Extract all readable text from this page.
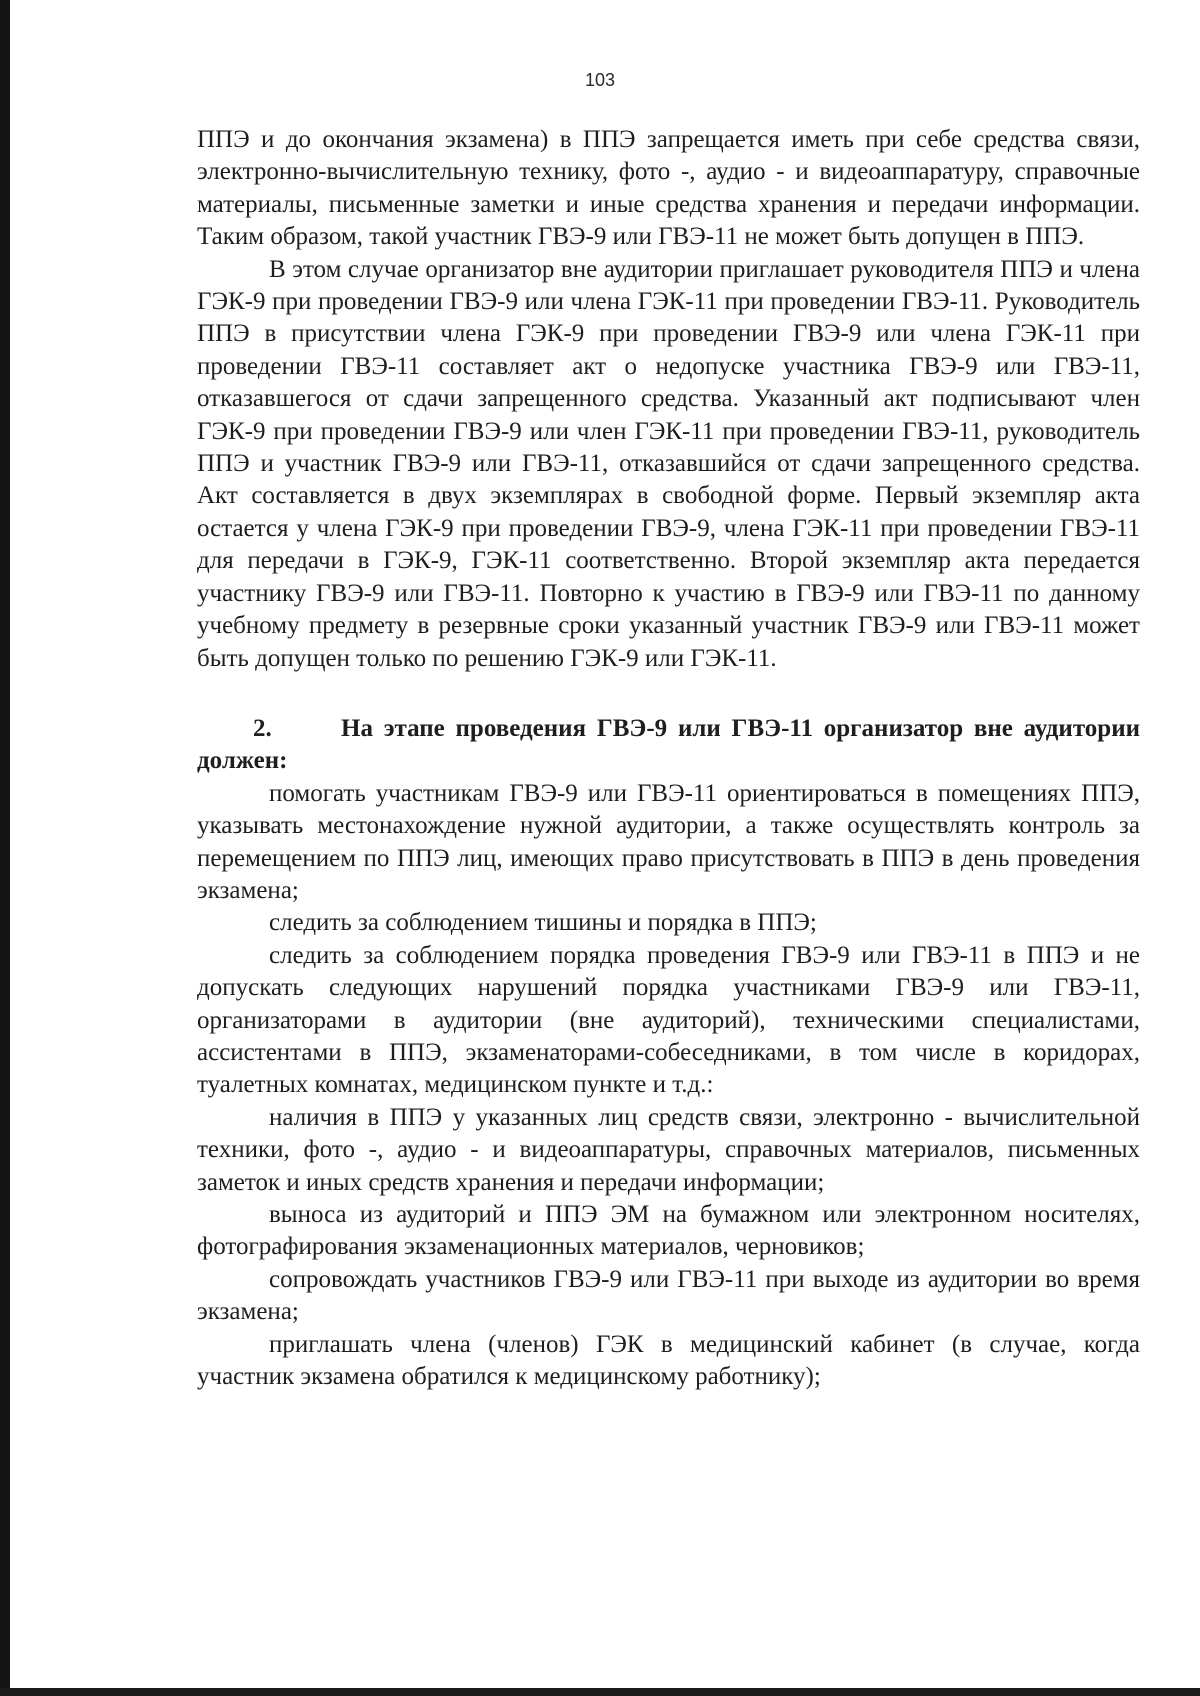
103

ППЭ и до окончания экзамена) в ППЭ запрещается иметь при себе средства связи, электронно-вычислительную технику, фото -, аудио - и видеоаппаратуру, справочные материалы, письменные заметки и иные средства хранения и передачи информации. Таким образом, такой участник ГВЭ-9 или ГВЭ-11 не может быть допущен в ППЭ.

В этом случае организатор вне аудитории приглашает руководителя ППЭ и члена ГЭК-9 при проведении ГВЭ-9 или члена ГЭК-11 при проведении ГВЭ-11. Руководитель ППЭ в присутствии члена ГЭК-9 при проведении ГВЭ-9 или члена ГЭК-11 при проведении ГВЭ-11 составляет акт о недопуске участника ГВЭ-9 или ГВЭ-11, отказавшегося от сдачи запрещенного средства. Указанный акт подписывают член ГЭК-9 при проведении ГВЭ-9 или член ГЭК-11 при проведении ГВЭ-11, руководитель ППЭ и участник ГВЭ-9 или ГВЭ-11, отказавшийся от сдачи запрещенного средства. Акт составляется в двух экземплярах в свободной форме. Первый экземпляр акта остается у члена ГЭК-9 при проведении ГВЭ-9, члена ГЭК-11 при проведении ГВЭ-11 для передачи в ГЭК-9, ГЭК-11 соответственно. Второй экземпляр акта передается участнику ГВЭ-9 или ГВЭ-11. Повторно к участию в ГВЭ-9 или ГВЭ-11 по данному учебному предмету в резервные сроки указанный участник ГВЭ-9 или ГВЭ-11 может быть допущен только по решению ГЭК-9 или ГЭК-11.

2.	На этапе проведения ГВЭ-9 или ГВЭ-11 организатор вне аудитории должен:

помогать участникам ГВЭ-9 или ГВЭ-11 ориентироваться в помещениях ППЭ, указывать местонахождение нужной аудитории, а также осуществлять контроль за перемещением по ППЭ лиц, имеющих право присутствовать в ППЭ в день проведения экзамена;

следить за соблюдением тишины и порядка в ППЭ;

следить за соблюдением порядка проведения ГВЭ-9 или ГВЭ-11 в ППЭ и не допускать следующих нарушений порядка участниками ГВЭ-9 или ГВЭ-11, организаторами в аудитории (вне аудиторий), техническими специалистами, ассистентами в ППЭ, экзаменаторами-собеседниками, в том числе в коридорах, туалетных комнатах, медицинском пункте и т.д.:

наличия в ППЭ у указанных лиц средств связи, электронно - вычислительной техники, фото -, аудио - и видеоаппаратуры, справочных материалов, письменных заметок и иных средств хранения и передачи информации;

выноса из аудиторий и ППЭ ЭМ на бумажном или электронном носителях, фотографирования экзаменационных материалов, черновиков;

сопровождать участников ГВЭ-9 или ГВЭ-11 при выходе из аудитории во время экзамена;

приглашать члена (членов) ГЭК в медицинский кабинет (в случае, когда участник экзамена обратился к медицинскому работнику);
